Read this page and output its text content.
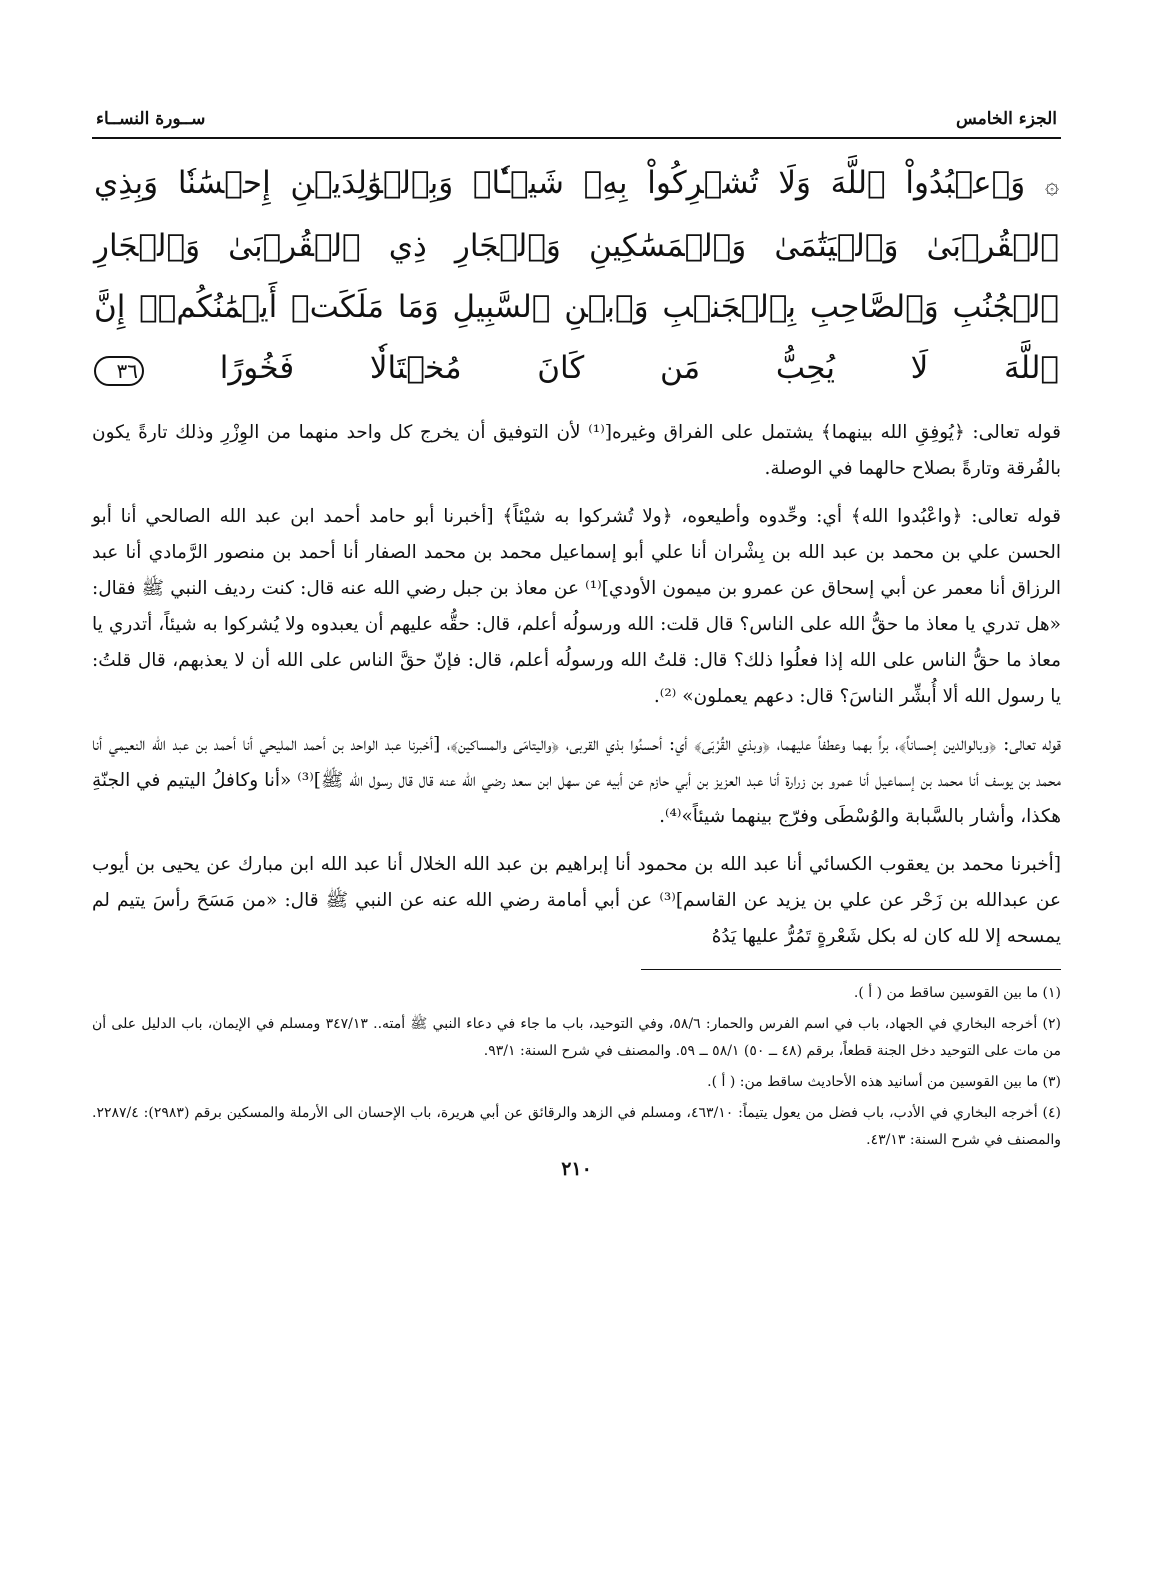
الجزء الخامس
ســورة النســاء
۞ وَٱعۡبُدُواْ ٱللَّهَ وَلَا تُشۡرِكُواْ بِهِۦ شَيۡـٔٗاۖ وَبِٱلۡوَٰلِدَيۡنِ إِحۡسَٰنٗا وَبِذِي ٱلۡقُرۡبَىٰ وَٱلۡيَتَٰمَىٰ وَٱلۡمَسَٰكِينِ وَٱلۡجَارِ ذِي ٱلۡقُرۡبَىٰ وَٱلۡجَارِ ٱلۡجُنُبِ وَٱلصَّاحِبِ بِٱلۡجَنۢبِ وَٱبۡنِ ٱلسَّبِيلِ وَمَا مَلَكَتۡ أَيۡمَٰنُكُمۡۗ إِنَّ ٱللَّهَ لَا يُحِبُّ مَن كَانَ مُخۡتَالٗا فَخُورًا ٣٦

قوله تعالى: ﴿يُوفِقِ الله بينهما﴾ يشتمل على الفراق وغيره[⁽¹⁾ لأن التوفيق أن يخرج كل واحد منهما من الوِزْرِ وذلك تارةً يكون بالفُرقة وتارةً بصلاح حالهما في الوصلة.

قوله تعالى: ﴿واعْبُدوا الله﴾ أي: وحِّدوه وأطيعوه، ﴿ولا تُشركوا به شيْئاً﴾ [أخبرنا أبو حامد أحمد ابن عبد الله الصالحي أنا أبو الحسن علي بن محمد بن عبد الله بن بِشْران أنا علي أبو إسماعيل محمد بن محمد الصفار أنا أحمد بن منصور الرَّمادي أنا عبد الرزاق أنا معمر عن أبي إسحاق عن عمرو بن ميمون الأودي]⁽¹⁾ عن معاذ بن جبل رضي الله عنه قال: كنت رديف النبي ﷺ فقال: «هل تدري يا معاذ ما حقُّ الله على الناس؟ قال قلت: الله ورسولُه أعلم، قال: حقُّه عليهم أن يعبدوه ولا يُشركوا به شيئاً، أتدري يا معاذ ما حقُّ الناس على الله إذا فعلُوا ذلك؟ قال: قلتُ الله ورسولُه أعلم، قال: فإنّ حقَّ الناس على الله أن لا يعذبهم، قال قلتُ: يا رسول الله ألا أُبشِّر الناسَ؟ قال: دعهم يعملون» ⁽²⁾.

قوله تعالى: ﴿وبالوالدين إحساناً﴾، براً بهما وعطفاً عليهما، ﴿وبذي القُرْبَى﴾ أي: أحسنُوا بذي القربى، ﴿واليتامَى والمساكين﴾، [أخبرنا عبد الواحد بن أحمد المليحي أنا أحمد بن عبد الله النعيمي أنا محمد بن يوسف أنا محمد بن إسماعيل أنا عمرو بن زرارة أنا عبد العزيز بن أبي حازم عن أبيه عن سهل ابن سعد رضي الله عنه قال قال رسول الله ﷺ]⁽³⁾ «أنا وكافلُ اليتيم في الجنّةِ هكذا، وأشار بالسَّبابة والوُسْطَى وفرّج بينهما شيئاً»⁽⁴⁾.

[أخبرنا محمد بن يعقوب الكسائي أنا عبد الله بن محمود أنا إبراهيم بن عبد الله الخلال أنا عبد الله ابن مبارك عن يحيى بن أيوب عن عبدالله بن زَحْر عن علي بن يزيد عن القاسم]⁽³⁾ عن أبي أمامة رضي الله عنه عن النبي ﷺ قال: «من مَسَحَ رأسَ يتيم لم يمسحه إلا لله كان له بكل شَعْرةٍ تَمُرُّ عليها يَدُهُ

(١) ما بين القوسين ساقط من ( أ ).

(٢) أخرجه البخاري في الجهاد، باب في اسم الفرس والحمار: ٥٨/٦، وفي التوحيد، باب ما جاء في دعاء النبي ﷺ أمته.. ٣٤٧/١٣ ومسلم في الإيمان، باب الدليل على أن من مات على التوحيد دخل الجنة قطعاً، برقم (٤٨ ــ ٥٠) ٥٨/١ ــ ٥٩. والمصنف في شرح السنة: ٩٣/١.

(٣) ما بين القوسين من أسانيد هذه الأحاديث ساقط من: ( أ ).

(٤) أخرجه البخاري في الأدب، باب فضل من يعول يتيماً: ٤٦٣/١٠، ومسلم في الزهد والرقائق عن أبي هريرة، باب الإحسان الى الأرملة والمسكين برقم (٢٩٨٣): ٢٢٨٧/٤. والمصنف في شرح السنة: ٤٣/١٣.

٢١٠
